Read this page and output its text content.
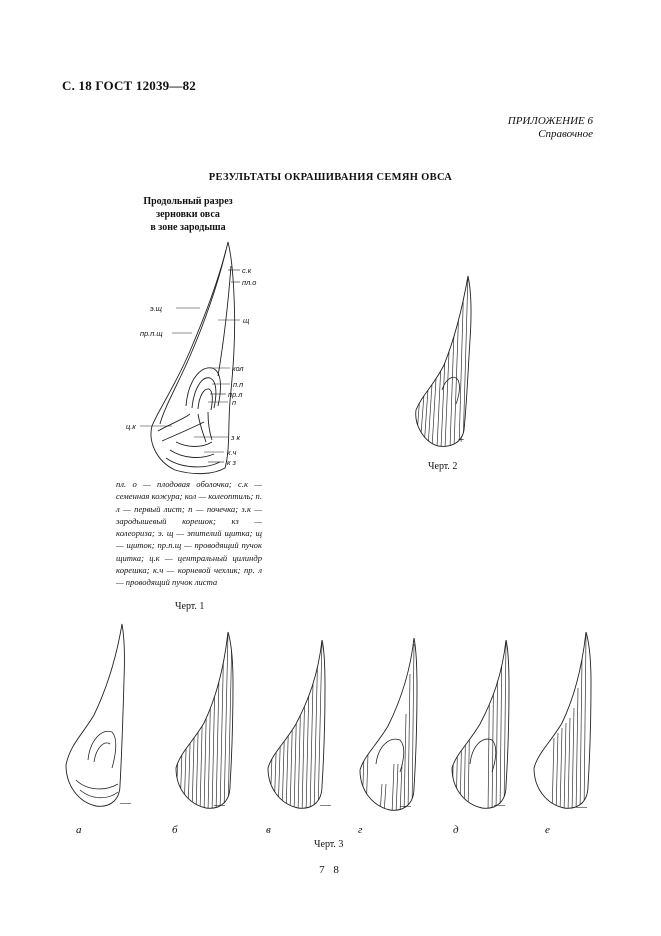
С. 18 ГОСТ 12039—82
ПРИЛОЖЕНИЕ 6
Справочное
РЕЗУЛЬТАТЫ ОКРАШИВАНИЯ СЕМЯН ОВСА
Продольный разрез
зерновки овса
в зоне зародыша
с.к
пл.о
э.щ
щ
пр.п.щ
кол
п.п
пр.л
п
ц.к
з к
к.ч
к з
пл. о — плодовая оболочка; с.к — семенная кожура; кол — колеоптиль; п. л — первый лист; п — почечка; з.к — зародышевый корешок; кз — колеориза; э. щ — эпителий щитка; щ — щиток; пр.п.щ — проводящий пучок щитка; ц.к — центральный цилиндр корешка; к.ч — корневой чехлик; пр. л — проводящий пучок листа
Черт. 1
+
Черт. 2
—	—	—	—	—	—
а	б	в	г	д	е
Черт. 3
7 8
